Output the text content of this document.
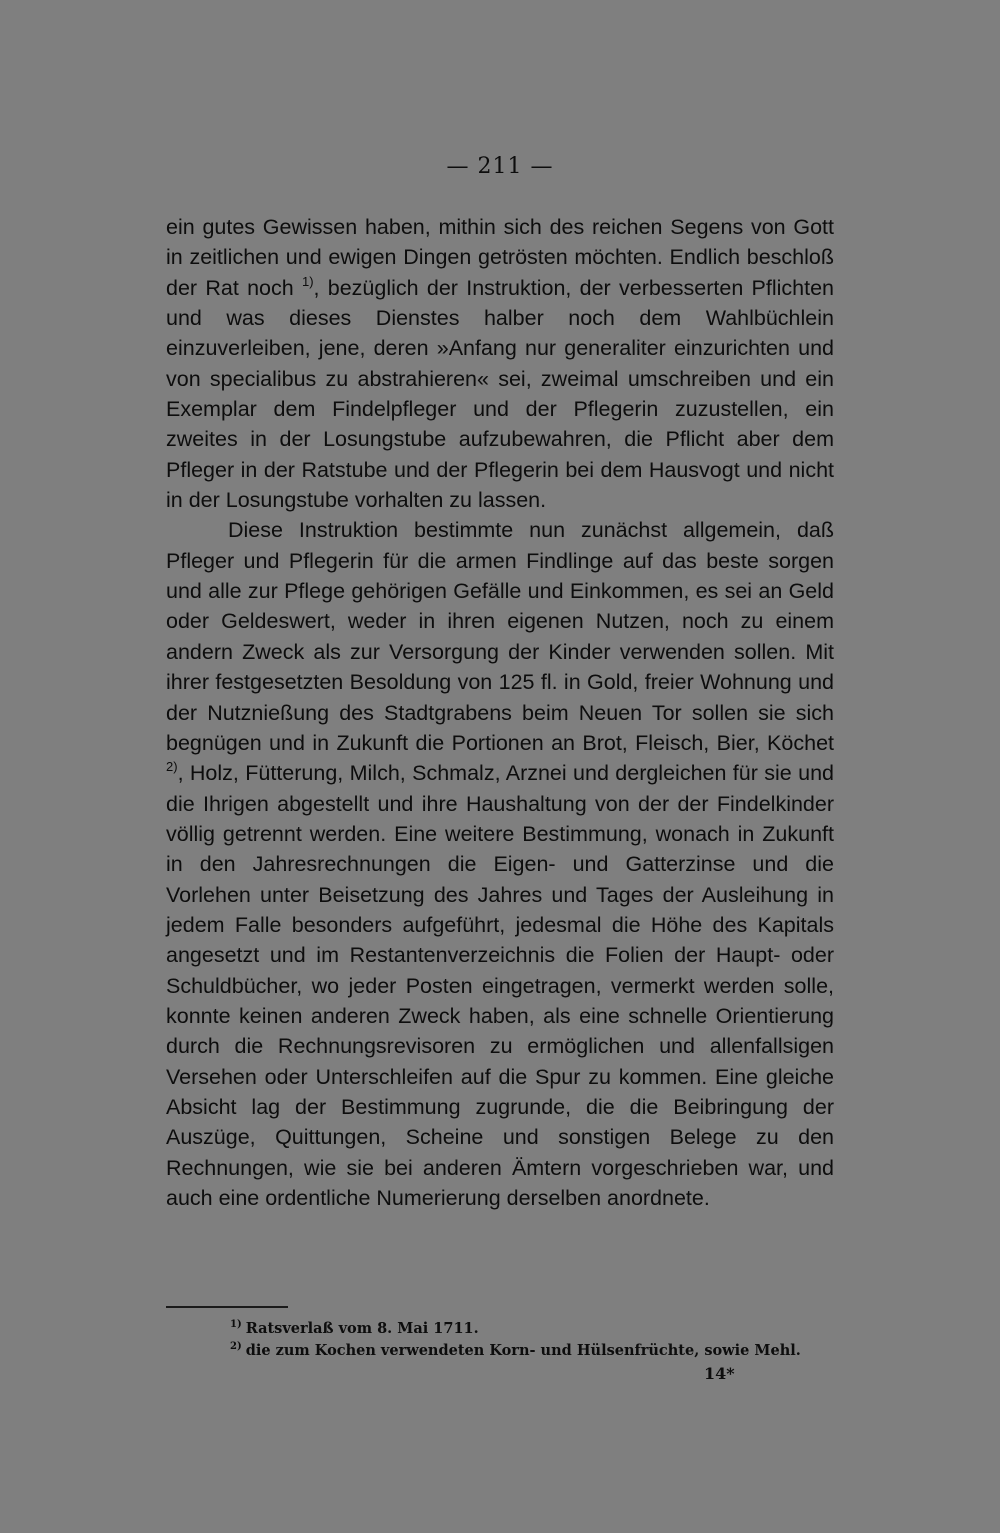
— 211 —

ein gutes Gewissen haben, mithin sich des reichen Segens von Gott in zeitlichen und ewigen Dingen getrösten möchten. Endlich beschloß der Rat noch $^{1)}$, bezüglich der Instruktion, der verbesserten Pflichten und was dieses Dienstes halber noch dem Wahlbüchlein einzuverleiben, jene, deren »Anfang nur generaliter einzurichten und von specialibus zu abstrahieren« sei, zweimal umschreiben und ein Exemplar dem Findelpfleger und der Pflegerin zuzustellen, ein zweites in der Losungstube aufzubewahren, die Pflicht aber dem Pfleger in der Ratstube und der Pflegerin bei dem Hausvogt und nicht in der Losungstube vorhalten zu lassen.

Diese Instruktion bestimmte nun zunächst allgemein, daß Pfleger und Pflegerin für die armen Findlinge auf das beste sorgen und alle zur Pflege gehörigen Gefälle und Einkommen, es sei an Geld oder Geldeswert, weder in ihren eigenen Nutzen, noch zu einem andern Zweck als zur Versorgung der Kinder verwenden sollen. Mit ihrer festgesetzten Besoldung von 125 fl. in Gold, freier Wohnung und der Nutznießung des Stadtgrabens beim Neuen Tor sollen sie sich begnügen und in Zukunft die Portionen an Brot, Fleisch, Bier, Köchet $^{2)}$, Holz, Fütterung, Milch, Schmalz, Arznei und dergleichen für sie und die Ihrigen abgestellt und ihre Haushaltung von der der Findelkinder völlig getrennt werden. Eine weitere Bestimmung, wonach in Zukunft in den Jahresrechnungen die Eigen- und Gatterzinse und die Vorlehen unter Beisetzung des Jahres und Tages der Ausleihung in jedem Falle besonders aufgeführt, jedesmal die Höhe des Kapitals angesetzt und im Restantenverzeichnis die Folien der Haupt- oder Schuldbücher, wo jeder Posten eingetragen, vermerkt werden solle, konnte keinen anderen Zweck haben, als eine schnelle Orientierung durch die Rechnungsrevisoren zu ermöglichen und allenfallsigen Versehen oder Unterschleifen auf die Spur zu kommen. Eine gleiche Absicht lag der Bestimmung zugrunde, die die Beibringung der Auszüge, Quittungen, Scheine und sonstigen Belege zu den Rechnungen, wie sie bei anderen Ämtern vorgeschrieben war, und auch eine ordentliche Numerierung derselben anordnete.

$^{1)}$ Ratsverlaß vom 8. Mai 1711.

$^{2)}$ die zum Kochen verwendeten Korn- und Hülsenfrüchte, sowie Mehl.

14*
